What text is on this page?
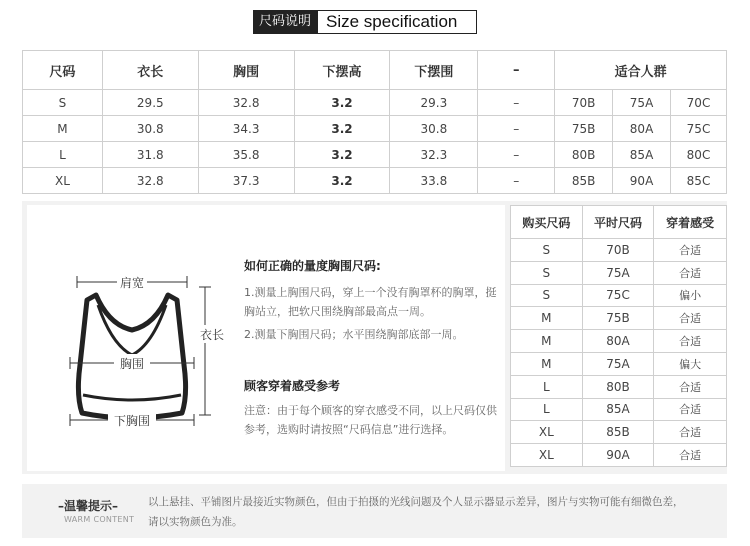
尺码说明 Size specification
尺码	衣长	胸围	下摆高	下摆围	–	适合人群		
S	29.5	32.8	3.2	29.3	–	70B	75A	70C
M	30.8	34.3	3.2	30.8	–	75B	80A	75C
L	31.8	35.8	3.2	32.3	–	80B	85A	80C
XL	32.8	37.3	3.2	33.8	–	85B	90A	85C
肩宽
衣长
胸围
下胸围
如何正确的量度胸围尺码:
1.测量上胸围尺码，穿上一个没有胸罩杯的胸罩，挺胸站立，把软尺围绕胸部最高点一周。
2.测量下胸围尺码；水平围绕胸部底部一周。
顾客穿着感受参考
注意：由于每个顾客的穿衣感受不同，以上尺码仅供参考，选购时请按照“尺码信息”进行选择。
购买尺码	平时尺码	穿着感受
S	70B	合适
S	75A	合适
S	75C	偏小
M	75B	合适
M	80A	合适
M	75A	偏大
L	80B	合适
L	85A	合适
XL	85B	合适
XL	90A	合适
–温馨提示–
WARM CONTENT
以上悬挂、平铺图片最接近实物颜色，但由于拍摄的光线问题及个人显示器显示差异，图片与实物可能有细微色差，请以实物颜色为准。
